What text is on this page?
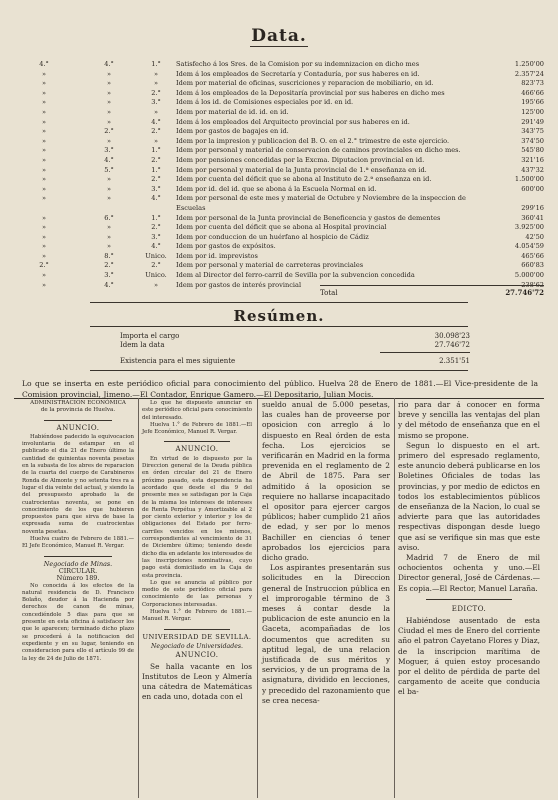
Data.
4.°	4.°	1.°	Satisfecho á los Sres. de la Comision por su indemnizacion en dicho mes	1.250'00
»	»	»	Idem á los empleados de Secretaría y Contaduría, por sus haberes en id.	2.357'24
»	»	»	Idem por material de oficinas, suscriciones y reparacion de mobiliario, en id.	823'73
»	»	2.°	Idem á los empleados de la Depositaría provincial por sus haberes en dicho mes	466'66
»	»	3.°	Idem á los id. de Comisiones especiales por id. en id.	195'66
»	»	»	Idem por material de id. id. en id.	125'00
»	»	4.°	Idem á los empleados del Arquitecto provincial por sus haberes en id.	291'49
»	2.°	2.°	Idem por gastos de bagajes en id.	343'75
»	»	»	Idem por la impresion y publicacion del B. O. en el 2.° trimestre de este ejercicio.	374'50
»	3.°	1.°	Idem por personal y material de conservacion de caminos provinciales en dicho mes.	545'80
»	4.°	2.°	Idem por pensiones concedidas por la Excma. Diputacion provincial en id.	321'16
»	5.°	1.°	Idem por personal y material de la Junta provincial de 1.ª enseñanza en id.	437'32
»	»	2.°	Idem por cuenta del déficit que se abona al Instituto de 2.ª enseñanza en id.	1.500'00
»	»	3.°	Idem por id. del id. que se abona á la Escuela Normal en id.	600'00
»	»	4.°	Idem por personal de este mes y material de Octubre y Noviembre de la inspeccion de
Escuelas	299'16
»	6.°	1.°	Idem por personal de la Junta provincial de Beneficencia y gastos de dementes	360'41
»	»	2.°	Idem por cuenta del déficit que se abona al Hospital provincial	3.925'00
»	»	3.°	Idem por conduccion de un huérfano al hospicio de Cádiz	42'50
»	»	4.°	Idem por gastos de expósitos.	4.054'59
»	8.°	Unico.	Idem por id. imprevistos	465'66
2.°	2.°	2.°	Idem por personal y material de carreteras provinciales	660'83
»	3.°	Unico.	Idem al Director del ferro-carril de Sevilla por la subvencion concedida	5.000'00
»	4.°	»	Idem por gastos de interés provincial	238'62
Total	27.746'72
Resúmen.
Importa el cargo	30.098'23
Idem la data	27.746'72
Existencia para el mes siguiente	2.351'51
Lo que se inserta en este periódico oficial para conocimiento del público. Huelva 28 de Enero de 1881.—El Vice-presidente de la Comision provincial, Jimeno.—El Contador, Enrique Gamero.—El Depositario, Julian Mocis.

ADMINISTRACION ECONÓMICA

de la provincia de Huelva.

ANUNCIO.

Habiéndose padecido la equivocacion involuntaria de estampar en el publicado el dia 21 de Enero último la cantidad de quinientas noventa pesetas en la subasta de los abres de reparacion de la cuarta del cuerpo de Carabineros Ronda de Almonte y no setenta tres ra a lugar el dia veinte del actual, y siendo la del presupuesto aprobado la de cuatrocientas noventa, se pone en conocimiento de los que hubieren propuestos para que sirva de base la expresada suma de cuatrocientas noventa pesetas.

Huelva cuatro de Febrero de 1881.—El Jefe Económico, Manuel R. Vergar.

Negociado de Minas.

CIRCULAR.

Número 189.

No conocida á los efectos de la natural residencia de D. Francisco Bolaño, deudor á la Hacienda por derechos de canon de minas, concediéndole 5 dias para que se presente en esta oficina á satisfacer los que le aparecen; terminado dicho plazo se procederá á la notificacion del expediente y en su lugar, teniendo en consideracion para ello el artículo 99 de la ley de 24 de Julio de 1871.

Lo que he dispuesto anunciar en este periódico oficial para conocimiento del interesado.

Huelva 1.° de Febrero de 1881.—El Jefe Económico, Manuel R. Vergar.

ANUNCIO.

En virtud de lo dispuesto por la Direccion general de la Deuda pública en órden circular del 21 de Enero próximo pasado, esta dependencia ha acordado que desde el dia 9 del presente mes se satisfagan por la Caja de la misma los intereses de intereses de Renta Perpétua y Amortizable al 2 por ciento exterior y interior y los de obligaciones del Estado por ferro-carriles vencidos en los mismos, correspondientes al vencimiento de 31 de Diciembre último; teniendo desde dicho dia en adelante los interesados de las inscripciones nominativas, cuyo pago está domiciliado en la Caja de esta provincia.

Lo que se anuncia al público por medio de este periódico oficial para conocimiento de las personas y Corporaciones interesadas.

Huelva 1.° de Febrero de 1881.—Manuel R. Vergar.

UNIVERSIDAD DE SEVILLA.

Negociado de Universidades.

ANUNCIO.

Se halla vacante en los Institutos de Leon y Almería una cátedra de Matemáticas en cada uno, dotada con el

sueldo anual de 5.000 pesetas, las cuales han de proveerse por oposicion con arreglo á lo dispuesto en Real órden de esta fecha. Los ejercicios se verificarán en Madrid en la forma prevenida en el reglamento de 2 de Abril de 1875. Para ser admitido á la oposicion se requiere no hallarse incapacitado el opositor para ejercer cargos públicos; haber cumplido 21 años de edad, y ser por lo menos Bachiller en ciencias ó tener aprobados los ejercicios para dicho grado.

Los aspirantes presentarán sus solicitudes en la Direccion general de Instruccion pública en el improrogable término de 3 meses á contar desde la publicacion de este anuncio en la Gaceta, acompañadas de los documentos que acrediten su aptitud legal, de una relacion justificada de sus méritos y servicios, y de un programa de la asignatura, dividido en lecciones, y precedido del razonamiento que se crea necesa-

rio para dar á conocer en forma breve y sencilla las ventajas del plan y del método de enseñanza que en el mismo se propone.

Segun lo dispuesto en el art. primero del espresado reglamento, este anuncio deberá publicarse en los Boletines Oficiales de todas las provincias, y por medio de edictos en todos los establecimientos públicos de enseñanza de la Nacion, lo cual se advierte para que las autoridades respectivas dispongan desde luego que así se verifique sin mas que este aviso.

Madrid 7 de Enero de mil ochocientos ochenta y uno.—El Director general, José de Cárdenas.—Es copia.—El Rector, Manuel Laraña.

EDICTO.

Habiéndose ausentado de esta Ciudad el mes de Enero del corriente año el patron Cayetano Flores y Diaz, de la inscripcion marítima de Moguer, á quien estoy procesando por el delito de pérdida de parte del cargamento de aceite que conducia el ba-
